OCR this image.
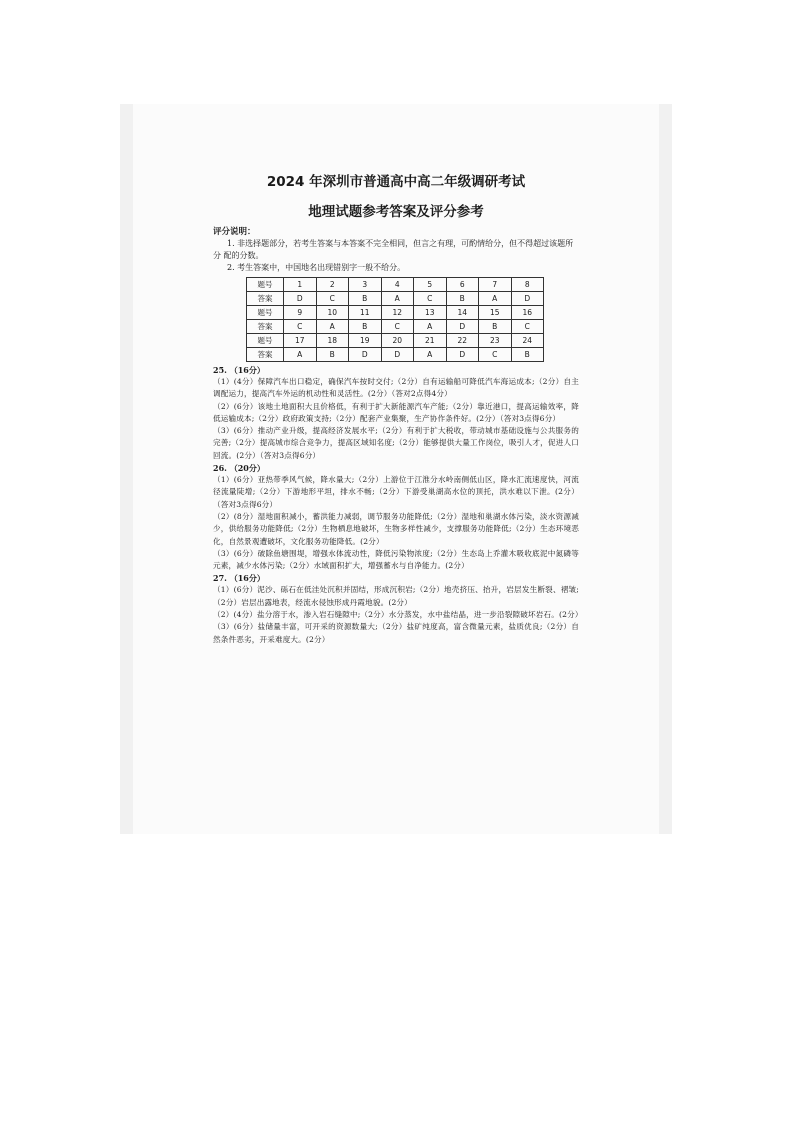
2024 年深圳市普通高中高二年级调研考试

地理试题参考答案及评分参考

评分说明：

1. 非选择题部分，若考生答案与本答案不完全相同，但言之有理，可酌情给分，但不得超过该题所分 配的分数。

2. 考生答案中，中国地名出现错别字一般不给分。

题号	1	2	3	4	5	6	7	8
答案	D	C	B	A	C	B	A	D
题号	9	10	11	12	13	14	15	16
答案	C	A	B	C	A	D	B	C
题号	17	18	19	20	21	22	23	24
答案	A	B	D	D	A	D	C	B

25. （16分）

（1）(4分）保障汽车出口稳定，确保汽车按时交付;（2分）自有运输船可降低汽车海运成本;（2分）自主调配运力，提高汽车外运的机动性和灵活性。(2分）（答对2点得4分）

（2）(6分）该地土地面积大且价格低，有利于扩大新能源汽车产能;（2分）靠近港口，提高运输效率，降低运输成本;（2分）政府政策支持;（2分）配套产业集聚，生产协作条件好。(2分）（答对3点得6分）

（3）(6分）推动产业升级，提高经济发展水平;（2分）有利于扩大税收，带动城市基础设施与公共服务的完善;（2分）提高城市综合竞争力，提高区域知名度;（2分）能够提供大量工作岗位，吸引人才，促进人口回流。(2分）（答对3点得6分）

26. （20分）

（1）(6分）亚热带季风气候，降水量大;（2分）上游位于江淮分水岭南侧低山区，降水汇流速度快，河流径流量陡增;（2分）下游地形平坦，排水不畅;（2分）下游受巢湖高水位的顶托，洪水难以下泄。(2分）（答对3点得6分）

（2）(8分）湿地面积减小，蓄洪能力减弱，调节服务功能降低;（2分）湿地和巢湖水体污染，淡水资源减少，供给服务功能降低;（2分）生物栖息地破坏，生物多样性减少，支撑服务功能降低;（2分）生态环境恶化，自然景观遭破坏，文化服务功能降低。(2分）

（3）(6分）破除鱼塘围堤，增强水体流动性，降低污染物浓度;（2分）生态岛上乔灌木吸收底泥中氮磷等元素，减少水体污染;（2分）水域面积扩大，增强蓄水与自净能力。(2分）

27. （16分）

（1）(6分）泥沙、砾石在低洼处沉积并固结，形成沉积岩;（2分）地壳挤压、抬升，岩层发生断裂、褶皱;（2分）岩层出露地表，经流水侵蚀形成丹霞地貌。(2分）

（2）(4分）盐分溶于水，渗入岩石缝隙中;（2分）水分蒸发，水中盐结晶，进一步沿裂隙破坏岩石。(2分）

（3）(6分）盐储量丰富，可开采的资源数量大;（2分）盐矿纯度高，富含微量元素，盐质优良;（2分）自然条件恶劣，开采难度大。(2分）
